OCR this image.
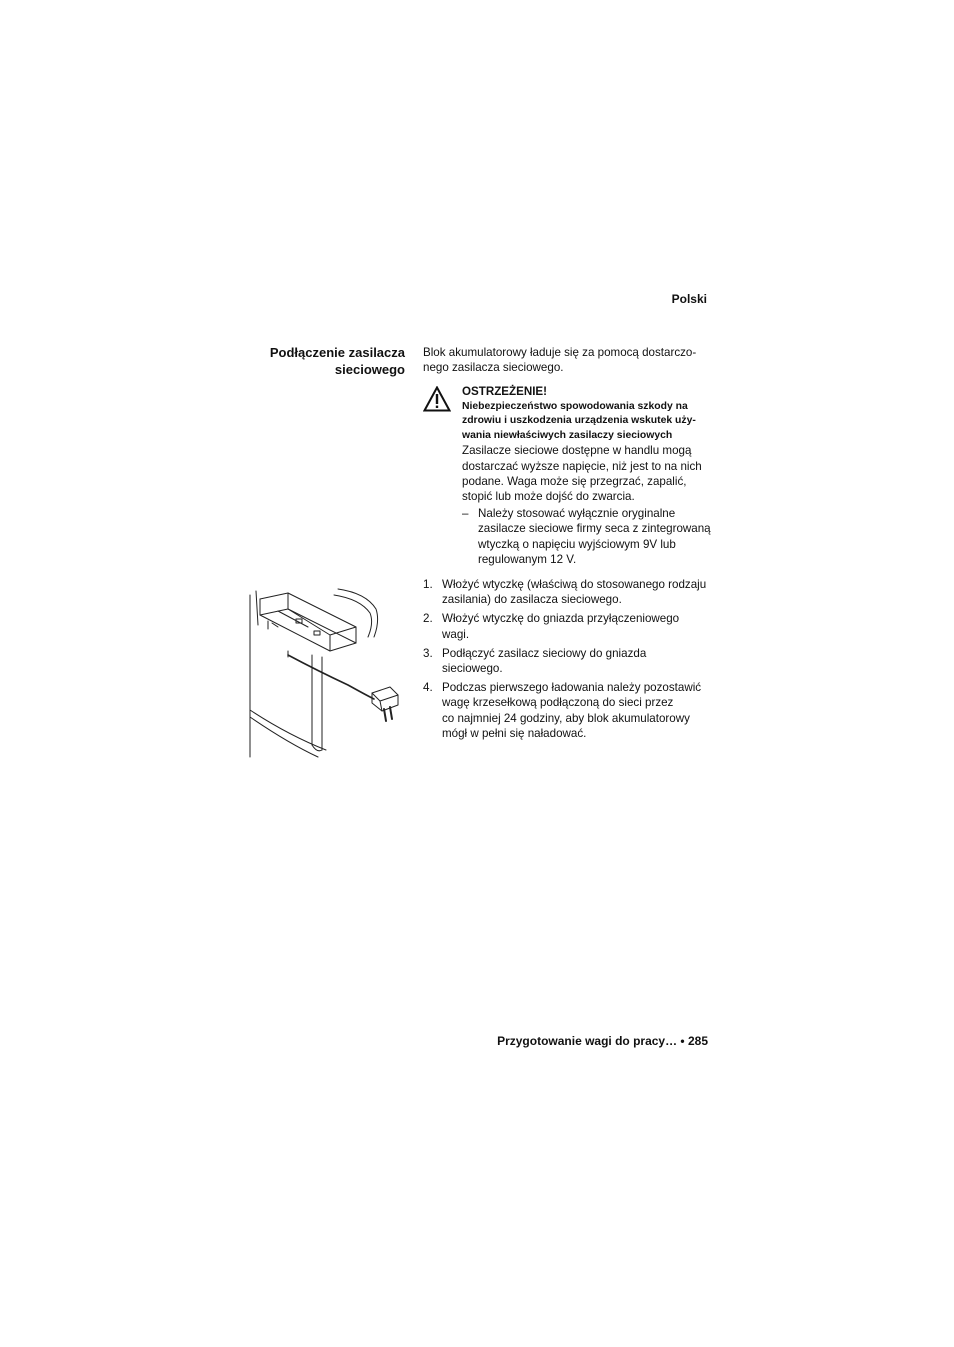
Polski
Podłączenie zasilacza
sieciowego

Blok akumulatorowy ładuje się za pomocą dostarczo-
nego zasilacza sieciowego.

OSTRZEŻENIE!
Niebezpieczeństwo spowodowania szkody na
zdrowiu i uszkodzenia urządzenia wskutek uży-
wania niewłaściwych zasilaczy sieciowych
Zasilacze sieciowe dostępne w handlu mogą
dostarczać wyższe napięcie, niż jest to na nich
podane. Waga może się przegrzać, zapalić,
stopić lub może dojść do zwarcia.
– Należy stosować wyłącznie oryginalne
zasilacze sieciowe firmy seca z zintegrowaną
wtyczką o napięciu wyjściowym 9V lub
regulowanym 12 V.
1. Włożyć wtyczkę (właściwą do stosowanego rodzaju
zasilania) do zasilacza sieciowego.
2. Włożyć wtyczkę do gniazda przyłączeniowego
wagi.
3. Podłączyć zasilacz sieciowy do gniazda
sieciowego.
4. Podczas pierwszego ładowania należy pozostawić
wagę krzesełkową podłączoną do sieci przez
co najmniej 24 godziny, aby blok akumulatorowy
mógł w pełni się naładować.
Przygotowanie wagi do pracy… • 285
